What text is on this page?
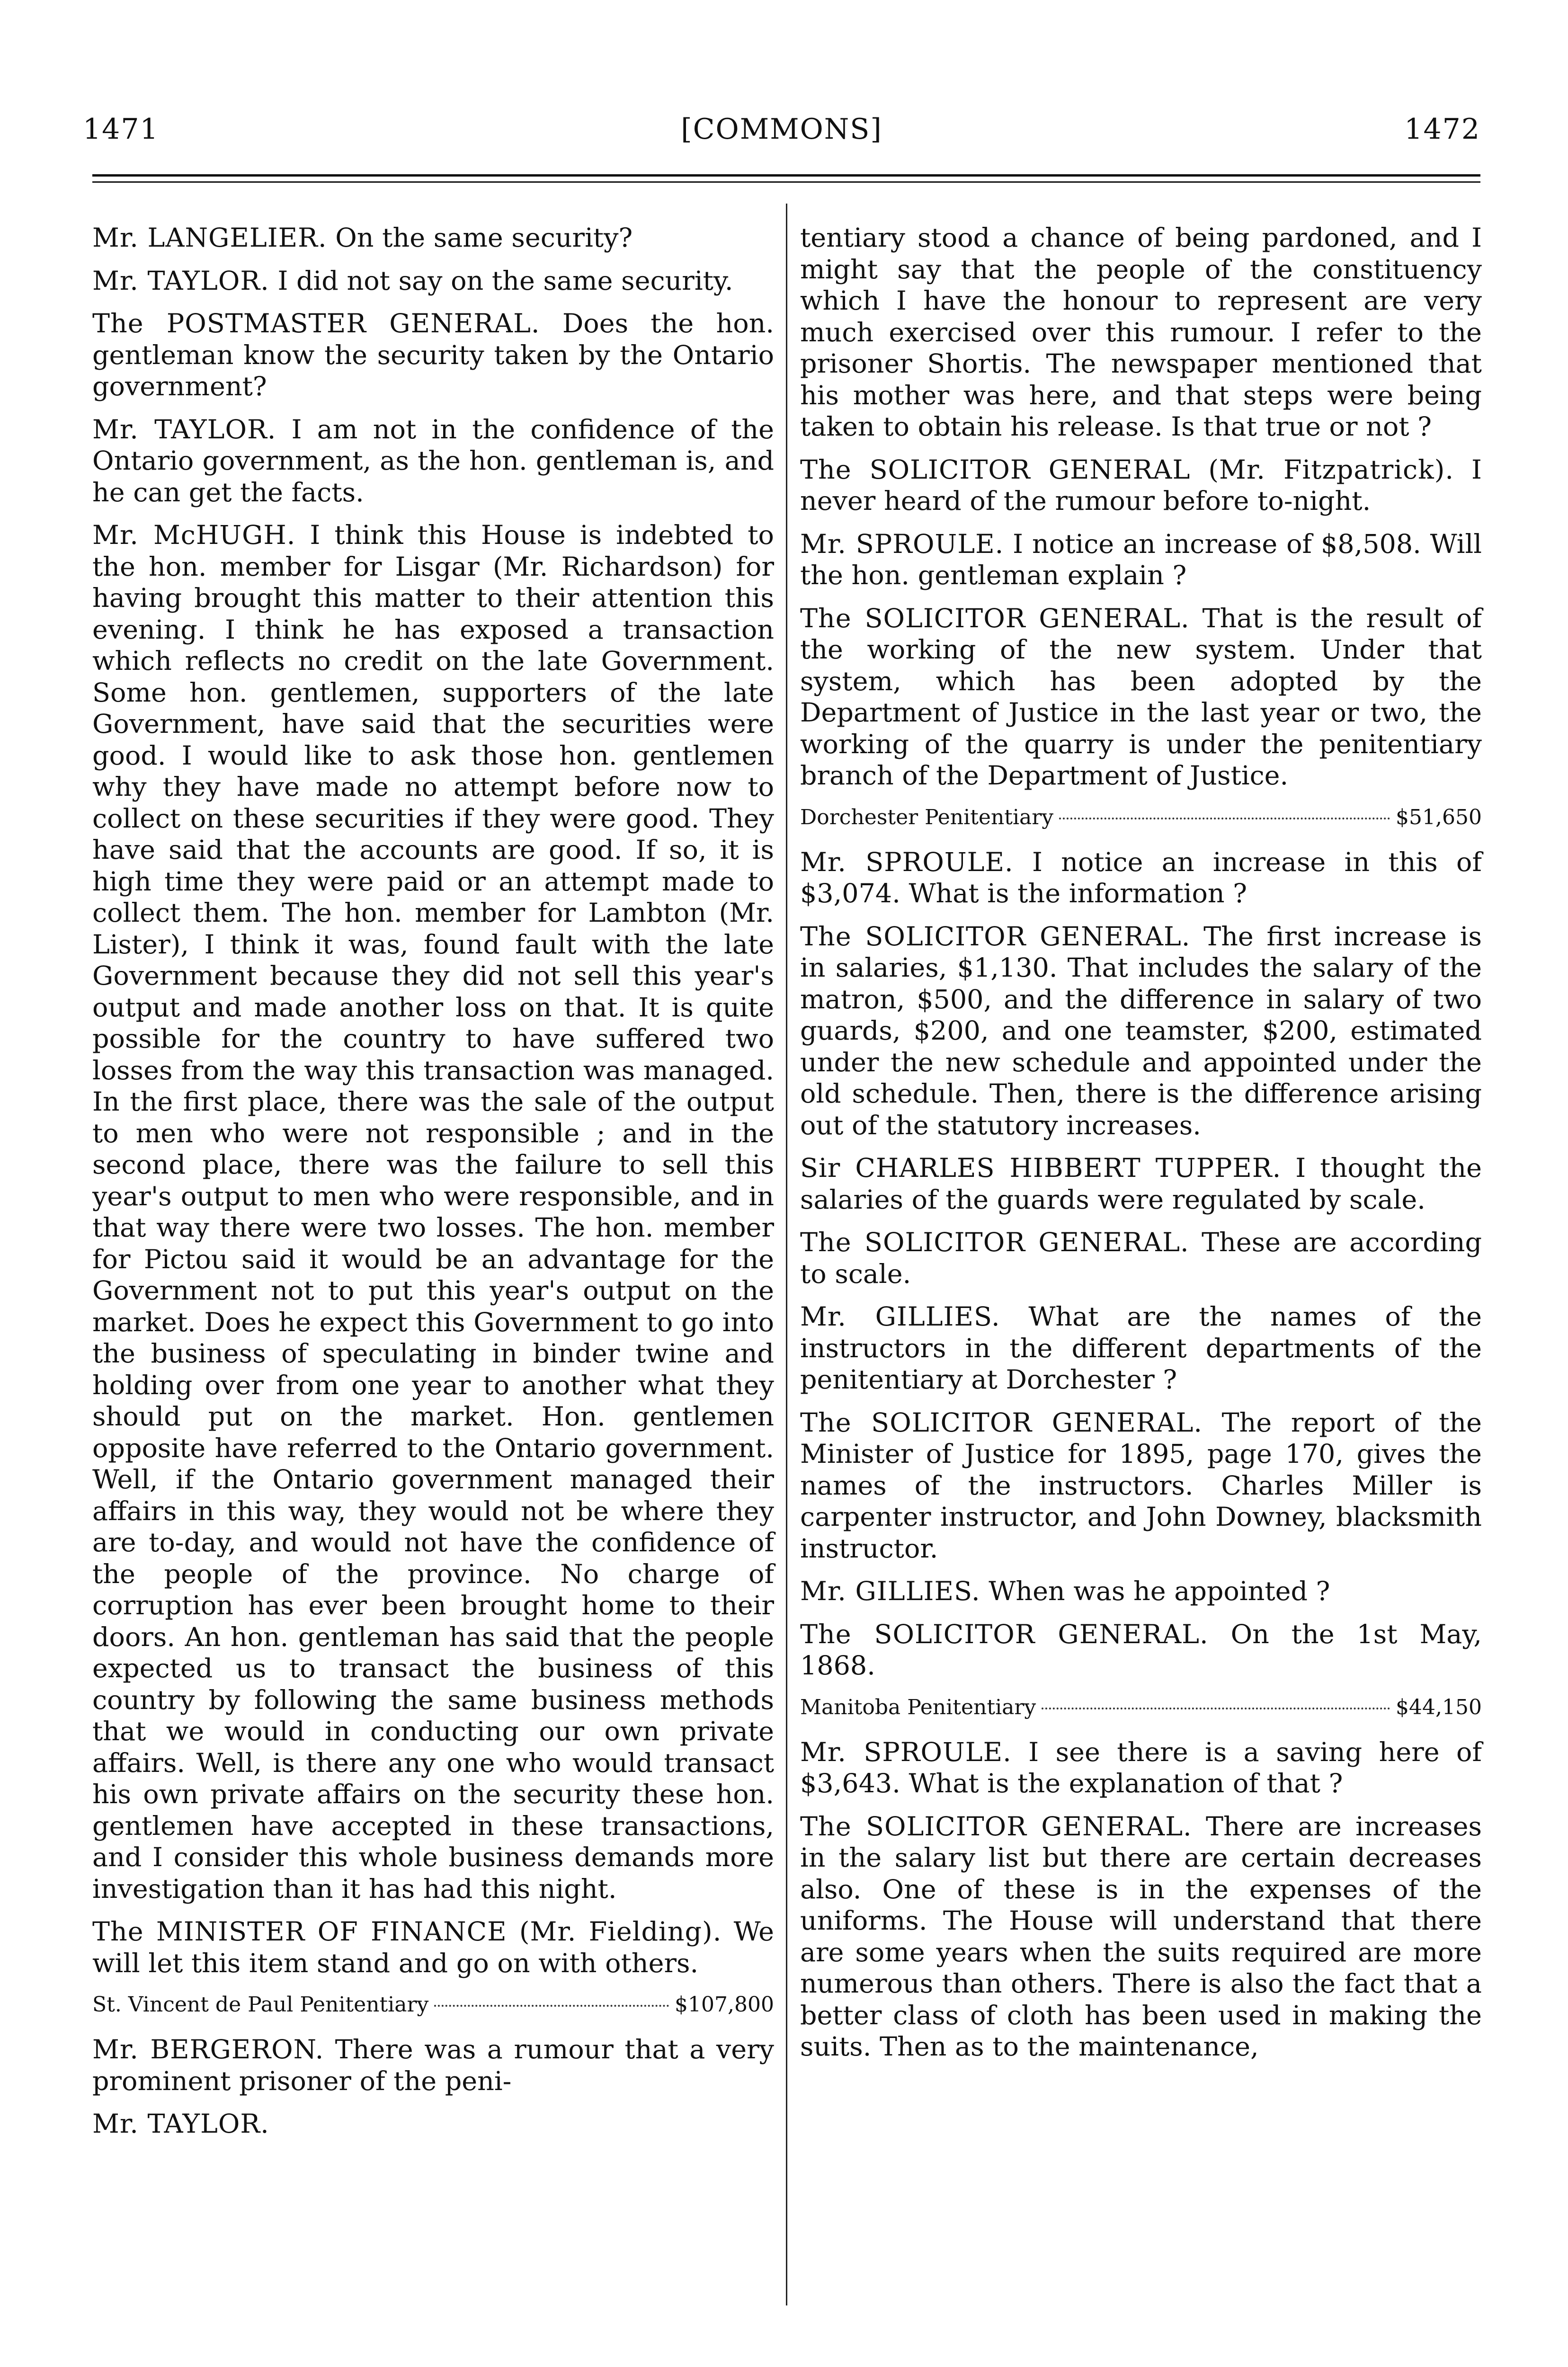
1471	[COMMONS]	1472

Mr. LANGELIER. On the same security?

Mr. TAYLOR. I did not say on the same security.

The POSTMASTER GENERAL. Does the hon. gentleman know the security taken by the Ontario government?

Mr. TAYLOR. I am not in the confidence of the Ontario government, as the hon. gentleman is, and he can get the facts.

Mr. McHUGH. I think this House is indebted to the hon. member for Lisgar (Mr. Richardson) for having brought this matter to their attention this evening. I think he has exposed a transaction which reflects no credit on the late Government. Some hon. gentlemen, supporters of the late Government, have said that the securities were good. I would like to ask those hon. gentlemen why they have made no attempt before now to collect on these securities if they were good. They have said that the accounts are good. If so, it is high time they were paid or an attempt made to collect them. The hon. member for Lambton (Mr. Lister), I think it was, found fault with the late Government because they did not sell this year's output and made another loss on that. It is quite possible for the country to have suffered two losses from the way this transaction was managed. In the first place, there was the sale of the output to men who were not responsible ; and in the second place, there was the failure to sell this year's output to men who were responsible, and in that way there were two losses. The hon. member for Pictou said it would be an advantage for the Government not to put this year's output on the market. Does he expect this Government to go into the business of speculating in binder twine and holding over from one year to another what they should put on the market. Hon. gentlemen opposite have referred to the Ontario government. Well, if the Ontario government managed their affairs in this way, they would not be where they are to-day, and would not have the confidence of the people of the province. No charge of corruption has ever been brought home to their doors. An hon. gentleman has said that the people expected us to transact the business of this country by following the same business methods that we would in conducting our own private affairs. Well, is there any one who would transact his own private affairs on the security these hon. gentlemen have accepted in these transactions, and I consider this whole business demands more investigation than it has had this night.

The MINISTER OF FINANCE (Mr. Fielding). We will let this item stand and go on with others.

St. Vincent de Paul Penitentiary	$107,800

Mr. BERGERON. There was a rumour that a very prominent prisoner of the peni-

Mr. TAYLOR.

tentiary stood a chance of being pardoned, and I might say that the people of the constituency which I have the honour to represent are very much exercised over this rumour. I refer to the prisoner Shortis. The newspaper mentioned that his mother was here, and that steps were being taken to obtain his release. Is that true or not ?

The SOLICITOR GENERAL (Mr. Fitzpatrick). I never heard of the rumour before to-night.

Mr. SPROULE. I notice an increase of $8,508. Will the hon. gentleman explain ?

The SOLICITOR GENERAL. That is the result of the working of the new system. Under that system, which has been adopted by the Department of Justice in the last year or two, the working of the quarry is under the penitentiary branch of the Department of Justice.

Dorchester Penitentiary	$51,650

Mr. SPROULE. I notice an increase in this of $3,074. What is the information ?

The SOLICITOR GENERAL. The first increase is in salaries, $1,130. That includes the salary of the matron, $500, and the difference in salary of two guards, $200, and one teamster, $200, estimated under the new schedule and appointed under the old schedule. Then, there is the difference arising out of the statutory increases.

Sir CHARLES HIBBERT TUPPER. I thought the salaries of the guards were regulated by scale.

The SOLICITOR GENERAL. These are according to scale.

Mr. GILLIES. What are the names of the instructors in the different departments of the penitentiary at Dorchester ?

The SOLICITOR GENERAL. The report of the Minister of Justice for 1895, page 170, gives the names of the instructors. Charles Miller is carpenter instructor, and John Downey, blacksmith instructor.

Mr. GILLIES. When was he appointed ?

The SOLICITOR GENERAL. On the 1st May, 1868.

Manitoba Penitentiary	$44,150

Mr. SPROULE. I see there is a saving here of $3,643. What is the explanation of that ?

The SOLICITOR GENERAL. There are increases in the salary list but there are certain decreases also. One of these is in the expenses of the uniforms. The House will understand that there are some years when the suits required are more numerous than others. There is also the fact that a better class of cloth has been used in making the suits. Then as to the maintenance,
